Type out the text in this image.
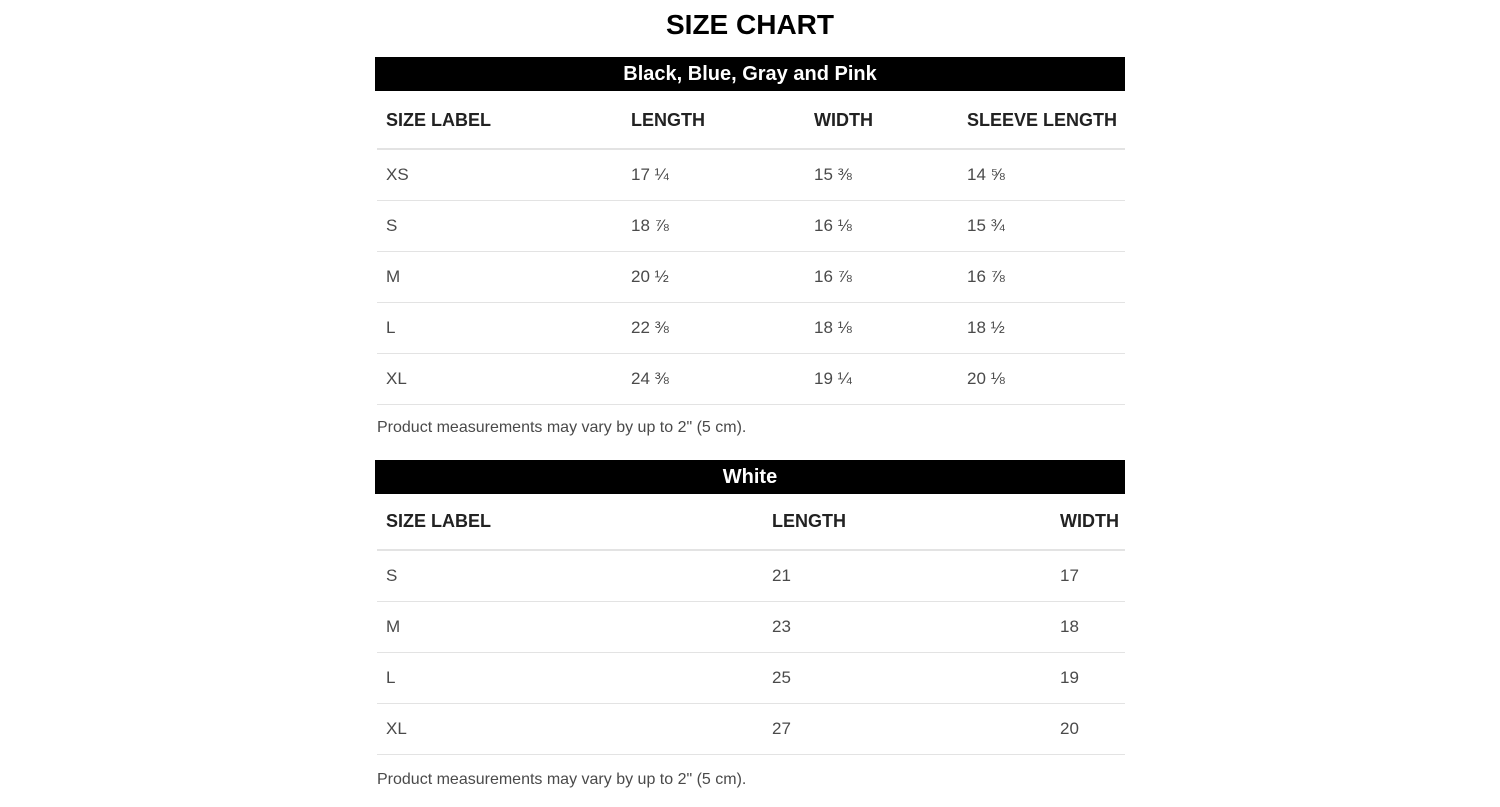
SIZE CHART
Black, Blue, Gray and Pink
SIZE LABEL	LENGTH	WIDTH	SLEEVE LENGTH
XS	17 ¼	15 ⅜	14 ⅝
S	18 ⅞	16 ⅛	15 ¾
M	20 ½	16 ⅞	16 ⅞
L	22 ⅜	18 ⅛	18 ½
XL	24 ⅜	19 ¼	20 ⅛
Product measurements may vary by up to 2" (5 cm).
White
SIZE LABEL	LENGTH	WIDTH
S	21	17
M	23	18
L	25	19
XL	27	20
Product measurements may vary by up to 2" (5 cm).
